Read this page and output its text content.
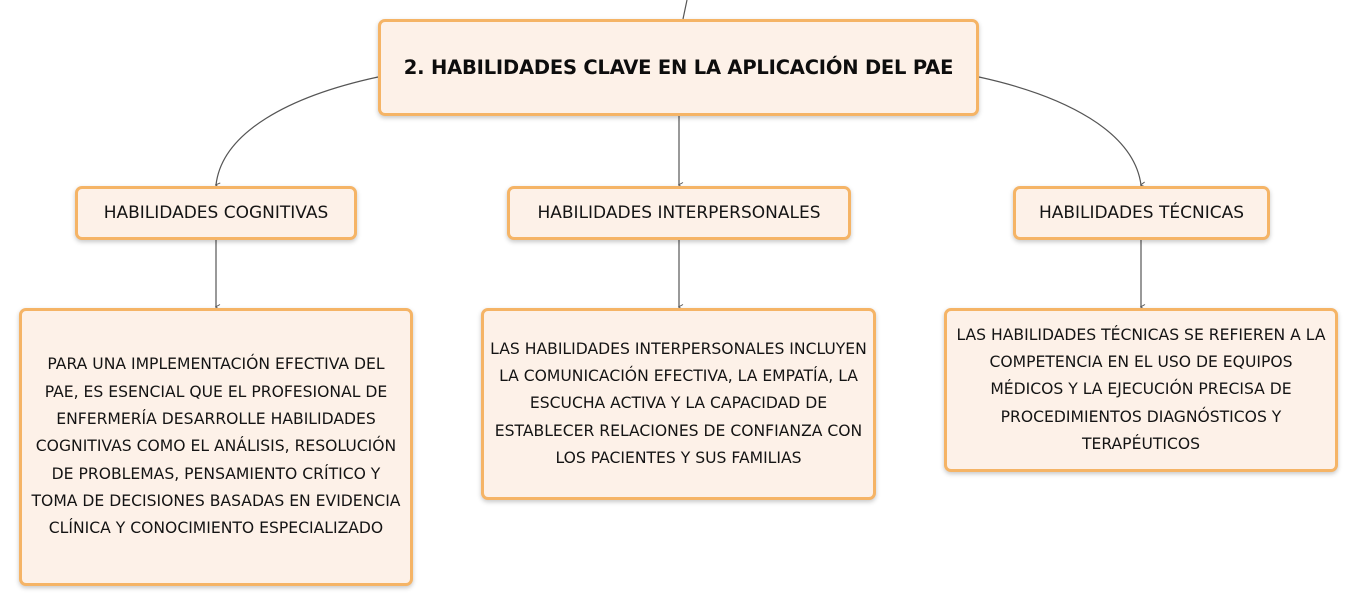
2. HABILIDADES CLAVE EN LA APLICACIÓN DEL PAE
HABILIDADES COGNITIVAS	HABILIDADES INTERPERSONALES	HABILIDADES TÉCNICAS
PARA UNA IMPLEMENTACIÓN EFECTIVA DEL PAE, ES ESENCIAL QUE EL PROFESIONAL DE ENFERMERÍA DESARROLLE HABILIDADES COGNITIVAS COMO EL ANÁLISIS, RESOLUCIÓN DE PROBLEMAS, PENSAMIENTO CRÍTICO Y TOMA DE DECISIONES BASADAS EN EVIDENCIA CLÍNICA Y CONOCIMIENTO ESPECIALIZADO
LAS HABILIDADES INTERPERSONALES INCLUYEN LA COMUNICACIÓN EFECTIVA, LA EMPATÍA, LA ESCUCHA ACTIVA Y LA CAPACIDAD DE ESTABLECER RELACIONES DE CONFIANZA CON LOS PACIENTES Y SUS FAMILIAS
LAS HABILIDADES TÉCNICAS SE REFIEREN A LA COMPETENCIA EN EL USO DE EQUIPOS MÉDICOS Y LA EJECUCIÓN PRECISA DE PROCEDIMIENTOS DIAGNÓSTICOS Y TERAPÉUTICOS
